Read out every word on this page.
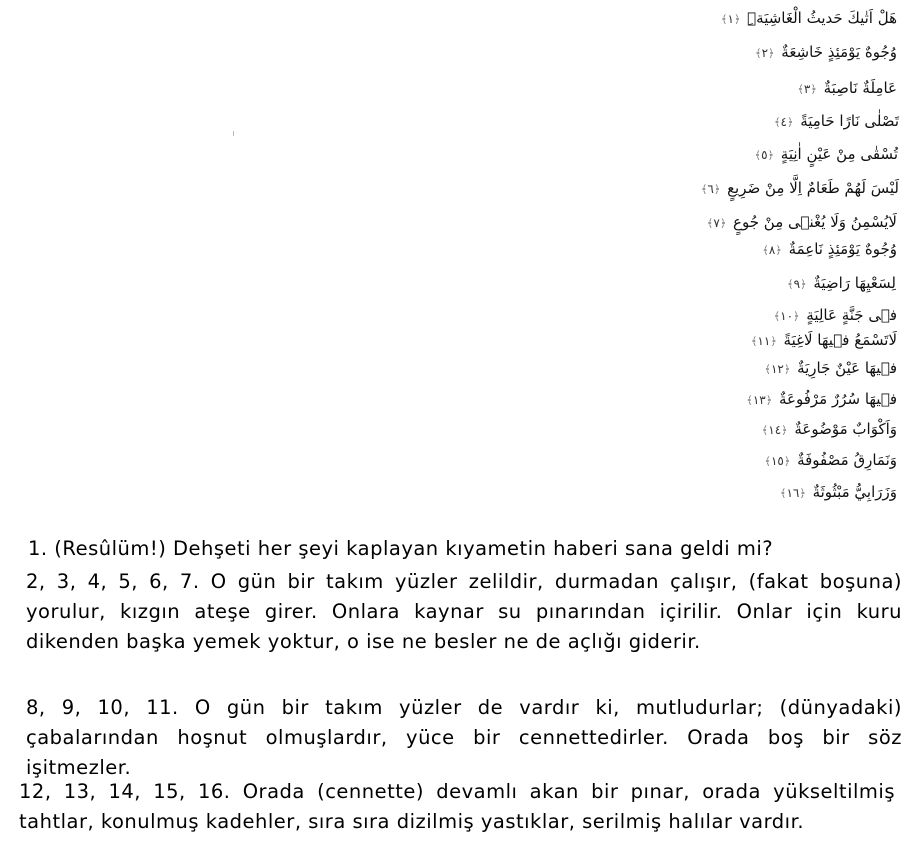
هَلْ اَتٰيكَ حَديثُ الْغَاشِيَةِۜ ﴿١﴾
وُجُوهٌ يَوْمَئِذٍ خَاشِعَةٌ ﴿٢﴾
عَامِلَةٌ نَاصِبَةٌ ﴿٣﴾
تَصْلٰى نَارًا حَامِيَةً ﴿٤﴾
تُسْقٰى مِنْ عَيْنٍ اٰنِيَةٍ ﴿٥﴾
لَيْسَ لَهُمْ طَعَامٌ اِلَّا مِنْ ضَرِيعٍ ﴿٦﴾
لَايُسْمِنُ وَلَا يُغْنٖى مِنْ جُوعٍ ﴿٧﴾
وُجُوهٌ يَوْمَئِذٍ نَاعِمَةٌ ﴿٨﴾
لِسَعْيِهَا رَاضِيَةٌ ﴿٩﴾
فٖى جَنَّةٍ عَالِيَةٍ ﴿١٠﴾
لَاتَسْمَعُ فٖيهَا لَاغِيَةً ﴿١١﴾
فٖيهَا عَيْنٌ جَارِيَةٌ ﴿١٢﴾
فٖيهَا سُرُرٌ مَرْفُوعَةٌ ﴿١٣﴾
وَاَكْوَابٌ مَوْضُوعَةٌ ﴿١٤﴾
وَنَمَارِقُ مَصْفُوفَةٌ ﴿١٥﴾
وَزَرَابِيُّ مَبْثُوثَةٌ ﴿١٦﴾
1. (Resûlüm!) Dehşeti her şeyi kaplayan kıyametin haberi sana geldi mi?
2, 3, 4, 5, 6, 7. O gün bir takım yüzler zelildir, durmadan çalışır, (fakat boşuna) yorulur, kızgın ateşe girer. Onlara kaynar su pınarından içirilir. Onlar için kuru dikenden başka yemek yoktur, o ise ne besler ne de açlığı giderir.
8, 9, 10, 11. O gün bir takım yüzler de vardır ki, mutludurlar; (dünyadaki) çabalarından hoşnut olmuşlardır, yüce bir cennettedirler. Orada boş bir söz işitmezler.
12, 13, 14, 15, 16. Orada (cennette) devamlı akan bir pınar, orada yükseltilmiş tahtlar, konulmuş kadehler, sıra sıra dizilmiş yastıklar, serilmiş halılar vardır.
